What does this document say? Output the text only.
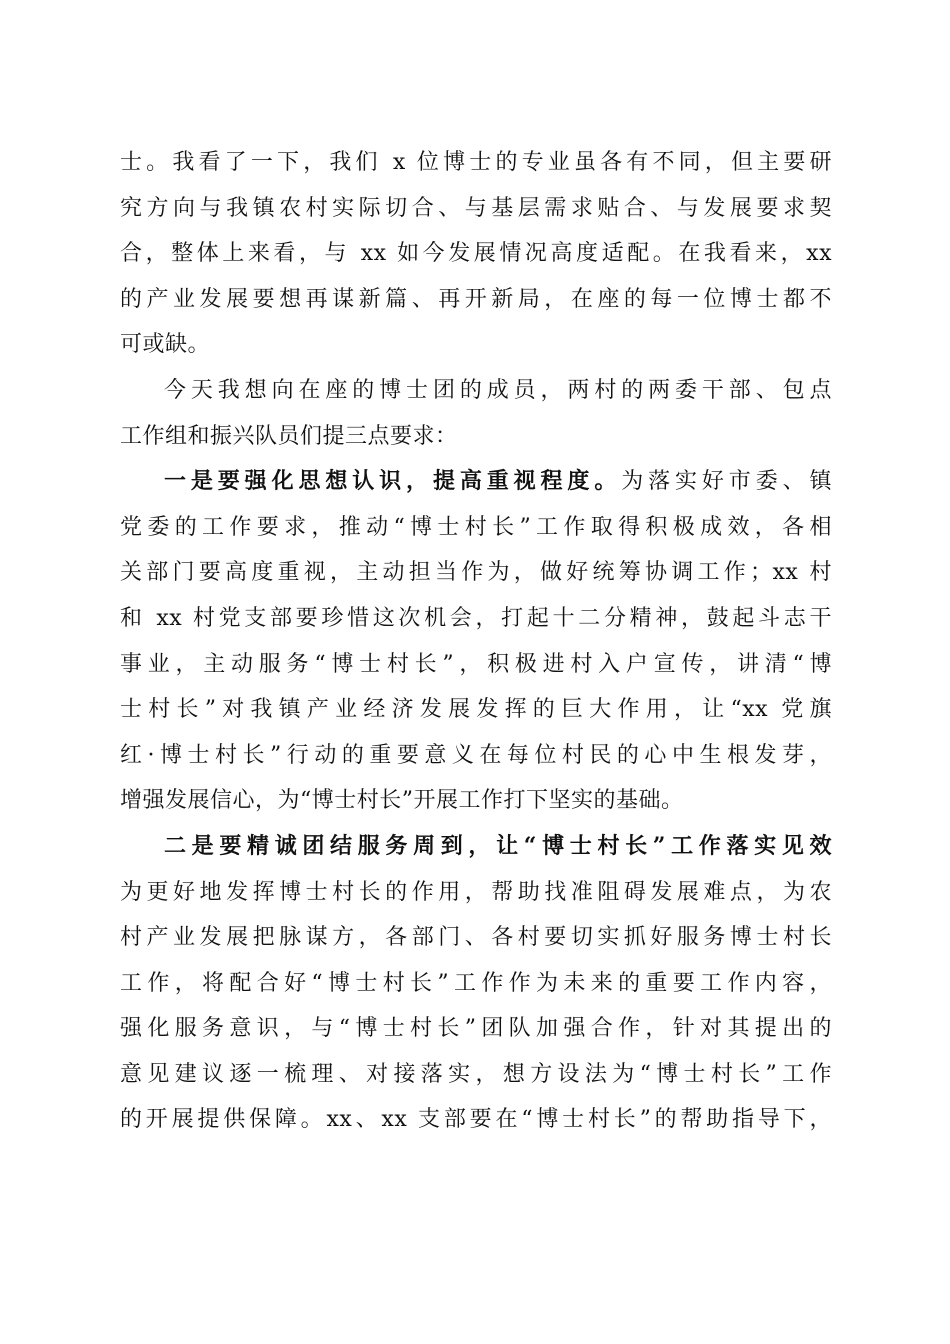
士。我看了一下，我们 x 位博士的专业虽各有不同，但主要研
究方向与我镇农村实际切合、与基层需求贴合、与发展要求契
合，整体上来看，与 xx 如今发展情况高度适配。在我看来，xx
的产业发展要想再谋新篇、再开新局，在座的每一位博士都不
可或缺。
今天我想向在座的博士团的成员，两村的两委干部、包点
工作组和振兴队员们提三点要求：
一是要强化思想认识，提高重视程度。为落实好市委、镇
党委的工作要求，推动“博士村长”工作取得积极成效，各相
关部门要高度重视，主动担当作为，做好统筹协调工作；xx 村
和 xx 村党支部要珍惜这次机会，打起十二分精神，鼓起斗志干
事业，主动服务“博士村长”，积极进村入户宣传，讲清“博
士村长”对我镇产业经济发展发挥的巨大作用，让“xx 党旗
红·博士村长”行动的重要意义在每位村民的心中生根发芽，
增强发展信心，为“博士村长”开展工作打下坚实的基础。
二是要精诚团结服务周到，让“博士村长”工作落实见效
为更好地发挥博士村长的作用，帮助找准阻碍发展难点，为农
村产业发展把脉谋方，各部门、各村要切实抓好服务博士村长
工作，将配合好“博士村长”工作作为未来的重要工作内容，
强化服务意识，与“博士村长”团队加强合作，针对其提出的
意见建议逐一梳理、对接落实，想方设法为“博士村长”工作
的开展提供保障。xx、xx 支部要在“博士村长”的帮助指导下，
